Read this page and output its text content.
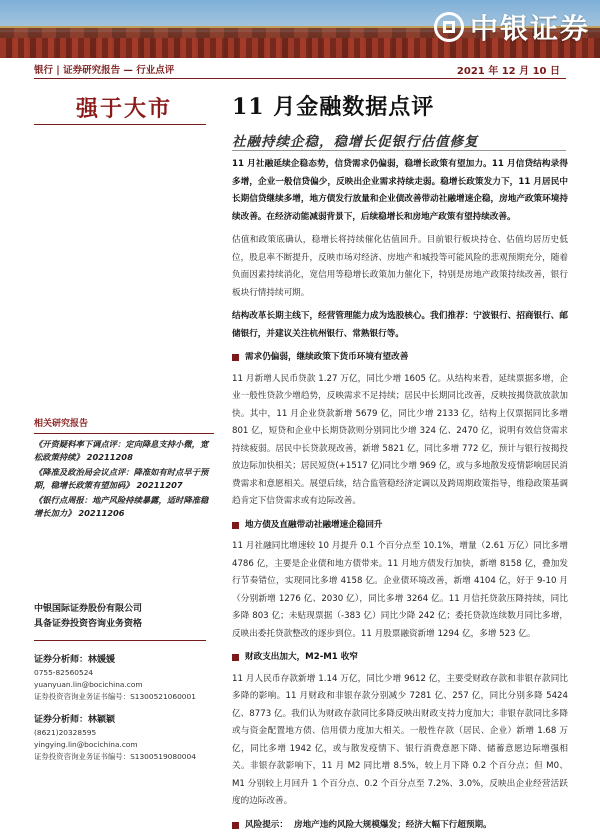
中银证券
银行 | 证券研究报告 — 行业点评	2021 年 12 月 10 日
强于大市	11 月金融数据点评
社融持续企稳，稳增长促银行估值修复

11 月社融延续企稳态势，信贷需求仍偏弱，稳增长政策有望加力。11 月信贷结构录得多增，企业一般信贷偏少，反映出企业需求持续走弱。稳增长政策发力下，11 月居民中长期信贷继续多增，地方债发行放量和企业债改善带动社融增速企稳，房地产政策环境持续改善。在经济动能减弱背景下，后续稳增长和房地产政策有望持续改善。

估值和政策底确认，稳增长将持续催化估值回升。目前银行板块持仓、估值均居历史低位，股息率不断提升，反映市场对经济、房地产和城投等可能风险的悲观预期充分，随着负面因素持续消化，宽信用等稳增长政策加力催化下，特别是房地产政策持续改善，银行板块行情持续可期。

结构改革长期主线下，经营管理能力成为选股核心。我们推荐：宁波银行、招商银行、邮储银行，并建议关注杭州银行、常熟银行等。

需求仍偏弱，继续政策下货币环境有望改善

11 月新增人民币贷款 1.27 万亿，同比少增 1605 亿。从结构来看，延续票据多增，企业一般性贷款少增趋势，反映需求不足持续；居民中长期同比改善，反映按揭贷款放款加快。其中，11 月企业贷款新增 5679 亿，同比少增 2133 亿，结构上仅票据同比多增 801 亿，短贷和企业中长期贷款则分别同比少增 324 亿、2470 亿，说明有效信贷需求持续疲弱。居民中长贷款现改善，新增 5821 亿，同比多增 772 亿，预计与银行按揭投放边际加快相关；居民短贷(+1517 亿)同比少增 969 亿，或与多地散发疫情影响居民消费需求和意愿相关。展望后续，结合监管稳经济定调以及跨周期政策指导，维稳政策基调趋肯定下信贷需求或有边际改善。

地方债及直融带动社融增速企稳回升

11 月社融同比增速较 10 月提升 0.1 个百分点至 10.1%，增量（2.61 万亿）同比多增 4786 亿，主要是企业债和地方债带来。11 月地方债发行加快，新增 8158 亿，叠加发行节奏错位，实现同比多增 4158 亿。企业债环境改善，新增 4104 亿，好于 9-10 月（分别新增 1276 亿、2030 亿），同比多增 3264 亿。11 月信托贷款压降持续，同比多降 803 亿；未贴现票据（-383 亿）同比少降 242 亿；委托贷款连续数月同比多增，反映出委托贷款整改的逐步到位。11 月股票融资新增 1294 亿，多增 523 亿。

财政支出加大，M2-M1 收窄

11 月人民币存款新增 1.14 万亿，同比少增 9612 亿，主要受财政存款和非银存款同比多降的影响。11 月财政和非银存款分别减少 7281 亿、257 亿，同比分别多降 5424 亿、8773 亿。我们认为财政存款同比多降反映出财政支持力度加大；非银存款同比多降或与资金配置地方债、信用债力度加大相关。一般性存款（居民、企业）新增 1.68 万亿，同比多增 1942 亿，或与散发疫情下、银行消费意愿下降、储蓄意愿边际增强相关。非银存款影响下，11 月 M2 同比增 8.5%，较上月下降 0.2 个百分点；但 M0、M1 分别较上月回升 1 个百分点、0.2 个百分点至 7.2%、3.0%，反映出企业经营活跃度的边际改善。

风险提示： 房地产违约风险大规模爆发；经济大幅下行超预期。
相关研究报告
《开资疑料率下调点评：定向降息支持小微，宽松政策持续》 20211208
《降准及政治局会议点评：降准如有时点早于预期，稳增长政策有望加码》 20211207
《银行点周报：地产风险持续暴露，适时降准稳增长加力》 20211206
中银国际证券股份有限公司
具备证券投资咨询业务资格
证券分析师：林媛媛
0755-82560524
yuanyuan.lin@bocichina.com
证券投资咨询业务证书编号：S1300521060001
证券分析师：林颖颖
(8621)20328595
yingying.lin@bocichina.com
证券投资咨询业务证书编号：S1300519080004
